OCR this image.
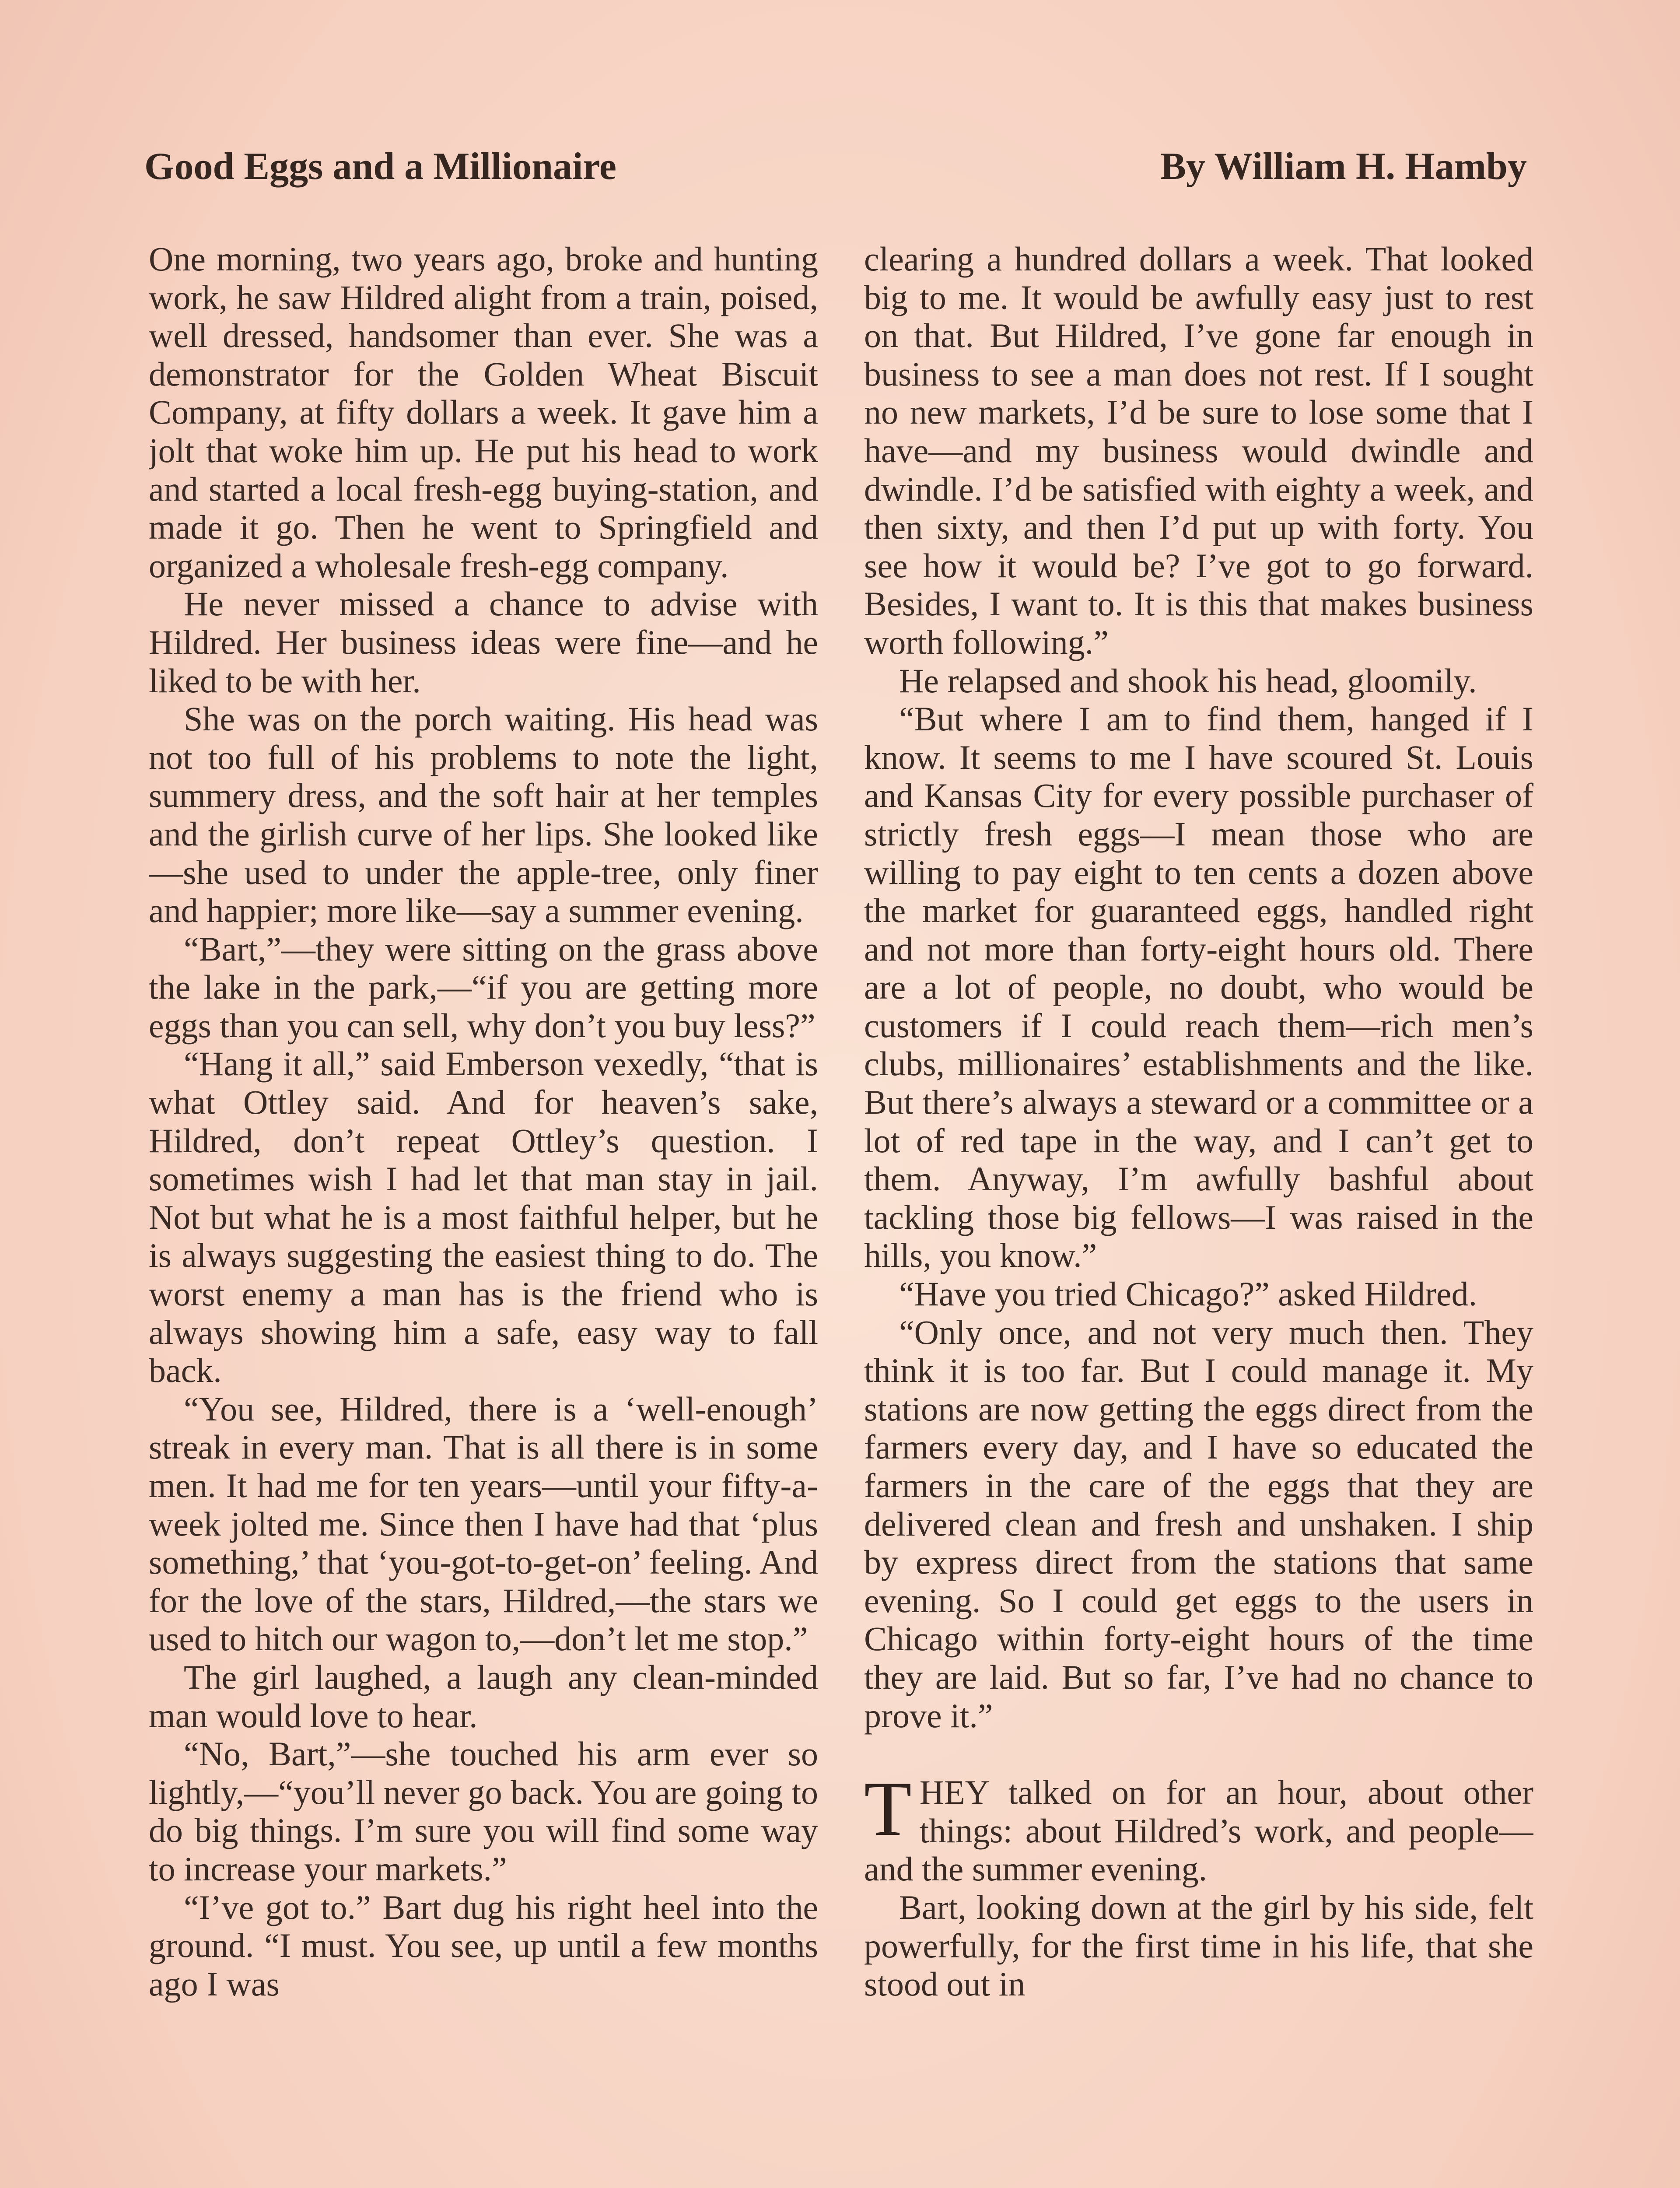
Good Eggs and a Millionaire	By William H. Hamby

One morning, two years ago, broke and hunting work, he saw Hildred alight from a train, poised, well dressed, handsomer than ever. She was a demonstrator for the Golden Wheat Biscuit Company, at fifty dollars a week. It gave him a jolt that woke him up. He put his head to work and started a local fresh-egg buying-station, and made it go. Then he went to Springfield and organized a wholesale fresh-egg company.

He never missed a chance to advise with Hildred. Her business ideas were fine—and he liked to be with her.

She was on the porch waiting. His head was not too full of his problems to note the light, summery dress, and the soft hair at her temples and the girlish curve of her lips. She looked like—she used to under the apple-tree, only finer and happier; more like—say a summer evening.

“Bart,”—they were sitting on the grass above the lake in the park,—“if you are getting more eggs than you can sell, why don’t you buy less?”

“Hang it all,” said Emberson vexedly, “that is what Ottley said. And for heaven’s sake, Hildred, don’t repeat Ottley’s question. I sometimes wish I had let that man stay in jail. Not but what he is a most faithful helper, but he is always suggesting the easiest thing to do. The worst enemy a man has is the friend who is always showing him a safe, easy way to fall back.

“You see, Hildred, there is a ‘well-enough’ streak in every man. That is all there is in some men. It had me for ten years—until your fifty-a-week jolted me. Since then I have had that ‘plus something,’ that ‘you-got-to-get-on’ feeling. And for the love of the stars, Hildred,—the stars we used to hitch our wagon to,—don’t let me stop.”

The girl laughed, a laugh any clean-minded man would love to hear.

“No, Bart,”—she touched his arm ever so lightly,—“you’ll never go back. You are going to do big things. I’m sure you will find some way to increase your markets.”

“I’ve got to.” Bart dug his right heel into the ground. “I must. You see, up until a few months ago I was

clearing a hundred dollars a week. That looked big to me. It would be awfully easy just to rest on that. But Hildred, I’ve gone far enough in business to see a man does not rest. If I sought no new markets, I’d be sure to lose some that I have—and my business would dwindle and dwindle. I’d be satisfied with eighty a week, and then sixty, and then I’d put up with forty. You see how it would be? I’ve got to go forward. Besides, I want to. It is this that makes business worth following.”

He relapsed and shook his head, gloomily.

“But where I am to find them, hanged if I know. It seems to me I have scoured St. Louis and Kansas City for every possible purchaser of strictly fresh eggs—I mean those who are willing to pay eight to ten cents a dozen above the market for guaranteed eggs, handled right and not more than forty-eight hours old. There are a lot of people, no doubt, who would be customers if I could reach them—rich men’s clubs, millionaires’ establishments and the like. But there’s always a steward or a committee or a lot of red tape in the way, and I can’t get to them. Anyway, I’m awfully bashful about tackling those big fellows—I was raised in the hills, you know.”

“Have you tried Chicago?” asked Hildred.

“Only once, and not very much then. They think it is too far. But I could manage it. My stations are now getting the eggs direct from the farmers every day, and I have so educated the farmers in the care of the eggs that they are delivered clean and fresh and unshaken. I ship by express direct from the stations that same evening. So I could get eggs to the users in Chicago within forty-eight hours of the time they are laid. But so far, I’ve had no chance to prove it.”

THEY talked on for an hour, about other things: about Hildred’s work, and people—and the summer evening.

Bart, looking down at the girl by his side, felt powerfully, for the first time in his life, that she stood out in
